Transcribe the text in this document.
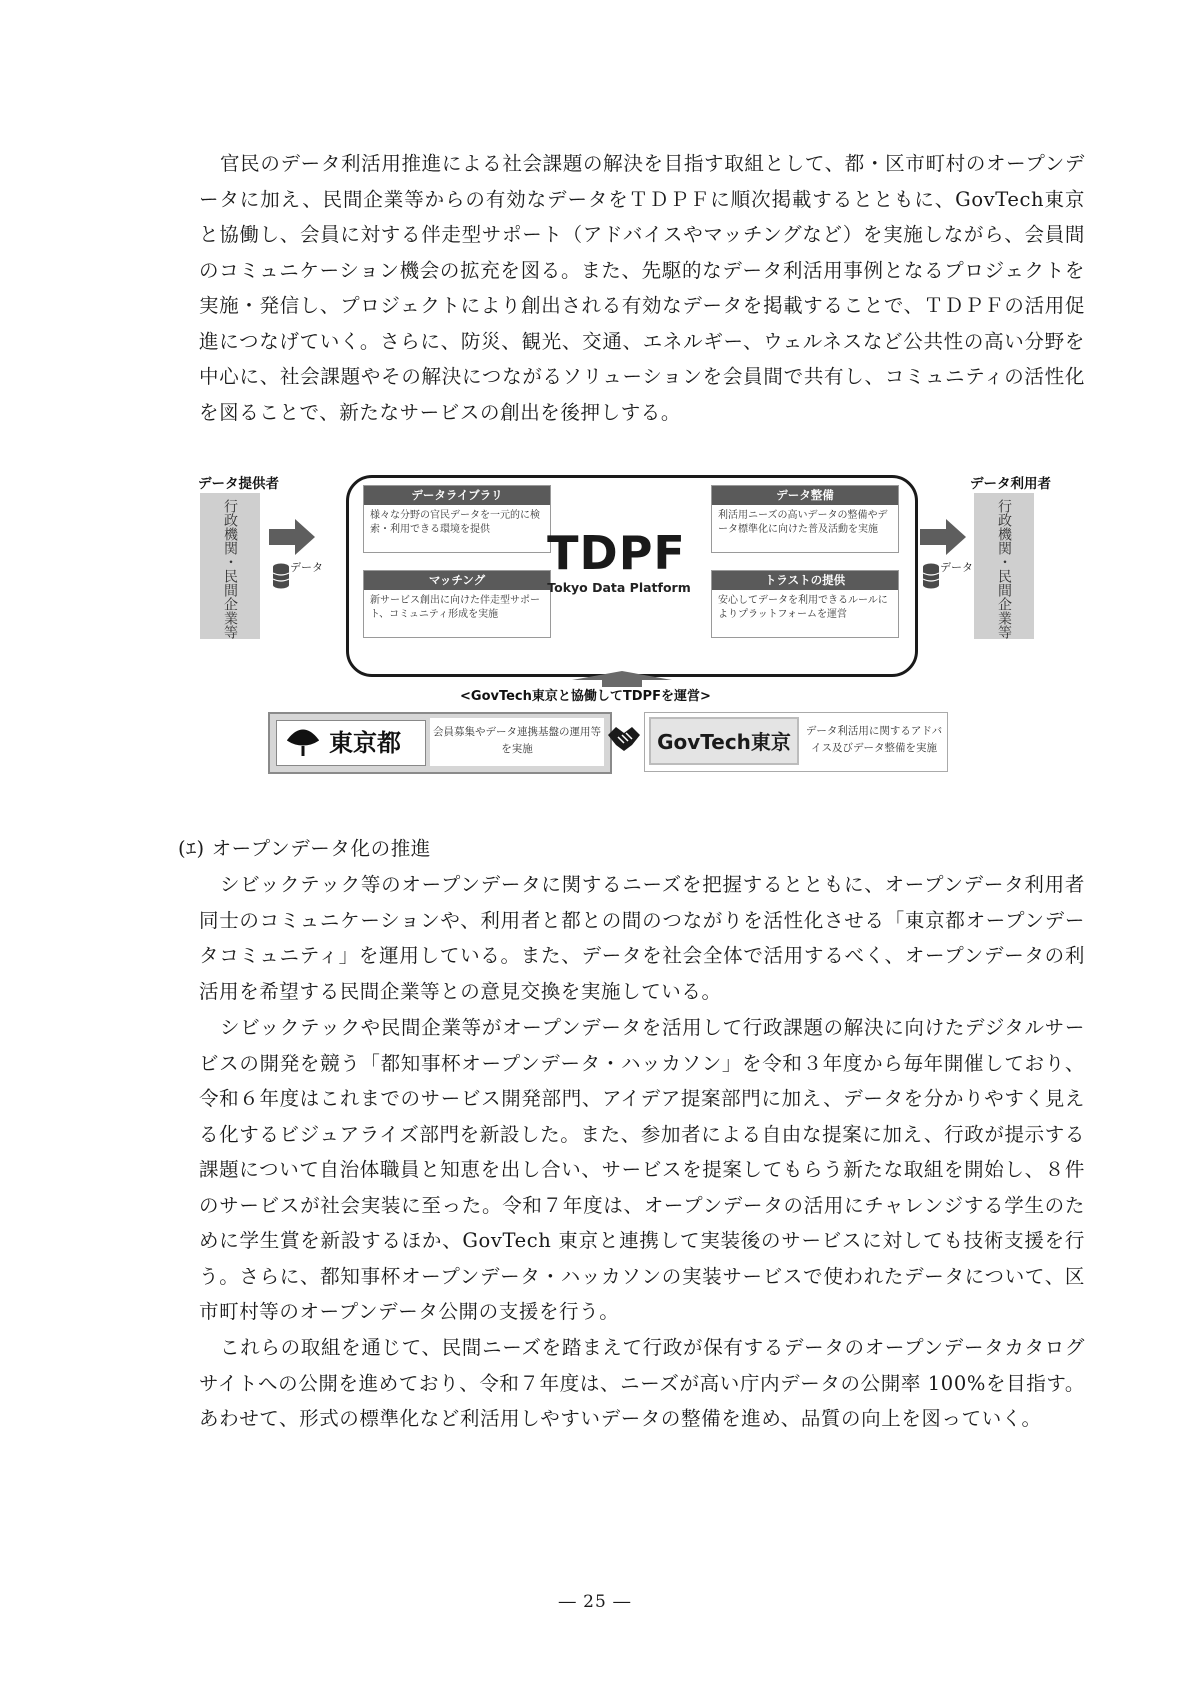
官民のデータ利活用推進による社会課題の解決を目指す取組として、都・区市町村のオープンデータに加え、民間企業等からの有効なデータをＴＤＰＦに順次掲載するとともに、GovTech東京と協働し、会員に対する伴走型サポート（アドバイスやマッチングなど）を実施しながら、会員間のコミュニケーション機会の拡充を図る。また、先駆的なデータ利活用事例となるプロジェクトを実施・発信し、プロジェクトにより創出される有効なデータを掲載することで、ＴＤＰＦの活用促進につなげていく。さらに、防災、観光、交通、エネルギー、ウェルネスなど公共性の高い分野を中心に、社会課題やその解決につながるソリューションを会員間で共有し、コミュニティの活性化を図ることで、新たなサービスの創出を後押しする。

データ提供者
行政機関・民間企業等	データ
データライブラリ
様々な分野の官民データを一元的に検索・利用できる環境を提供
データ整備
利活用ニーズの高いデータの整備やデータ標準化に向けた普及活動を実施
マッチング
新サービス創出に向けた伴走型サポート、コミュニティ形成を実施
トラストの提供
安心してデータを利用できるルールによりプラットフォームを運営
TDPF
Tokyo Data Platform
データ
データ利用者
行政機関・民間企業等
<GovTech東京と協働してTDPFを運営>
東京都	会員募集やデータ連携基盤の運用等を実施	GovTech東京	データ利活用に関するアドバイス及びデータ整備を実施

(ｴ) オープンデータ化の推進

シビックテック等のオープンデータに関するニーズを把握するとともに、オープンデータ利用者同士のコミュニケーションや、利用者と都との間のつながりを活性化させる「東京都オープンデータコミュニティ」を運用している。また、データを社会全体で活用するべく、オープンデータの利活用を希望する民間企業等との意見交換を実施している。

シビックテックや民間企業等がオープンデータを活用して行政課題の解決に向けたデジタルサービスの開発を競う「都知事杯オープンデータ・ハッカソン」を令和３年度から毎年開催しており、令和６年度はこれまでのサービス開発部門、アイデア提案部門に加え、データを分かりやすく見える化するビジュアライズ部門を新設した。また、参加者による自由な提案に加え、行政が提示する課題について自治体職員と知恵を出し合い、サービスを提案してもらう新たな取組を開始し、８件のサービスが社会実装に至った。令和７年度は、オープンデータの活用にチャレンジする学生のために学生賞を新設するほか、GovTech 東京と連携して実装後のサービスに対しても技術支援を行う。さらに、都知事杯オープンデータ・ハッカソンの実装サービスで使われたデータについて、区市町村等のオープンデータ公開の支援を行う。

これらの取組を通じて、民間ニーズを踏まえて行政が保有するデータのオープンデータカタログサイトへの公開を進めており、令和７年度は、ニーズが高い庁内データの公開率 100%を目指す。あわせて、形式の標準化など利活用しやすいデータの整備を進め、品質の向上を図っていく。

― 25 ―
